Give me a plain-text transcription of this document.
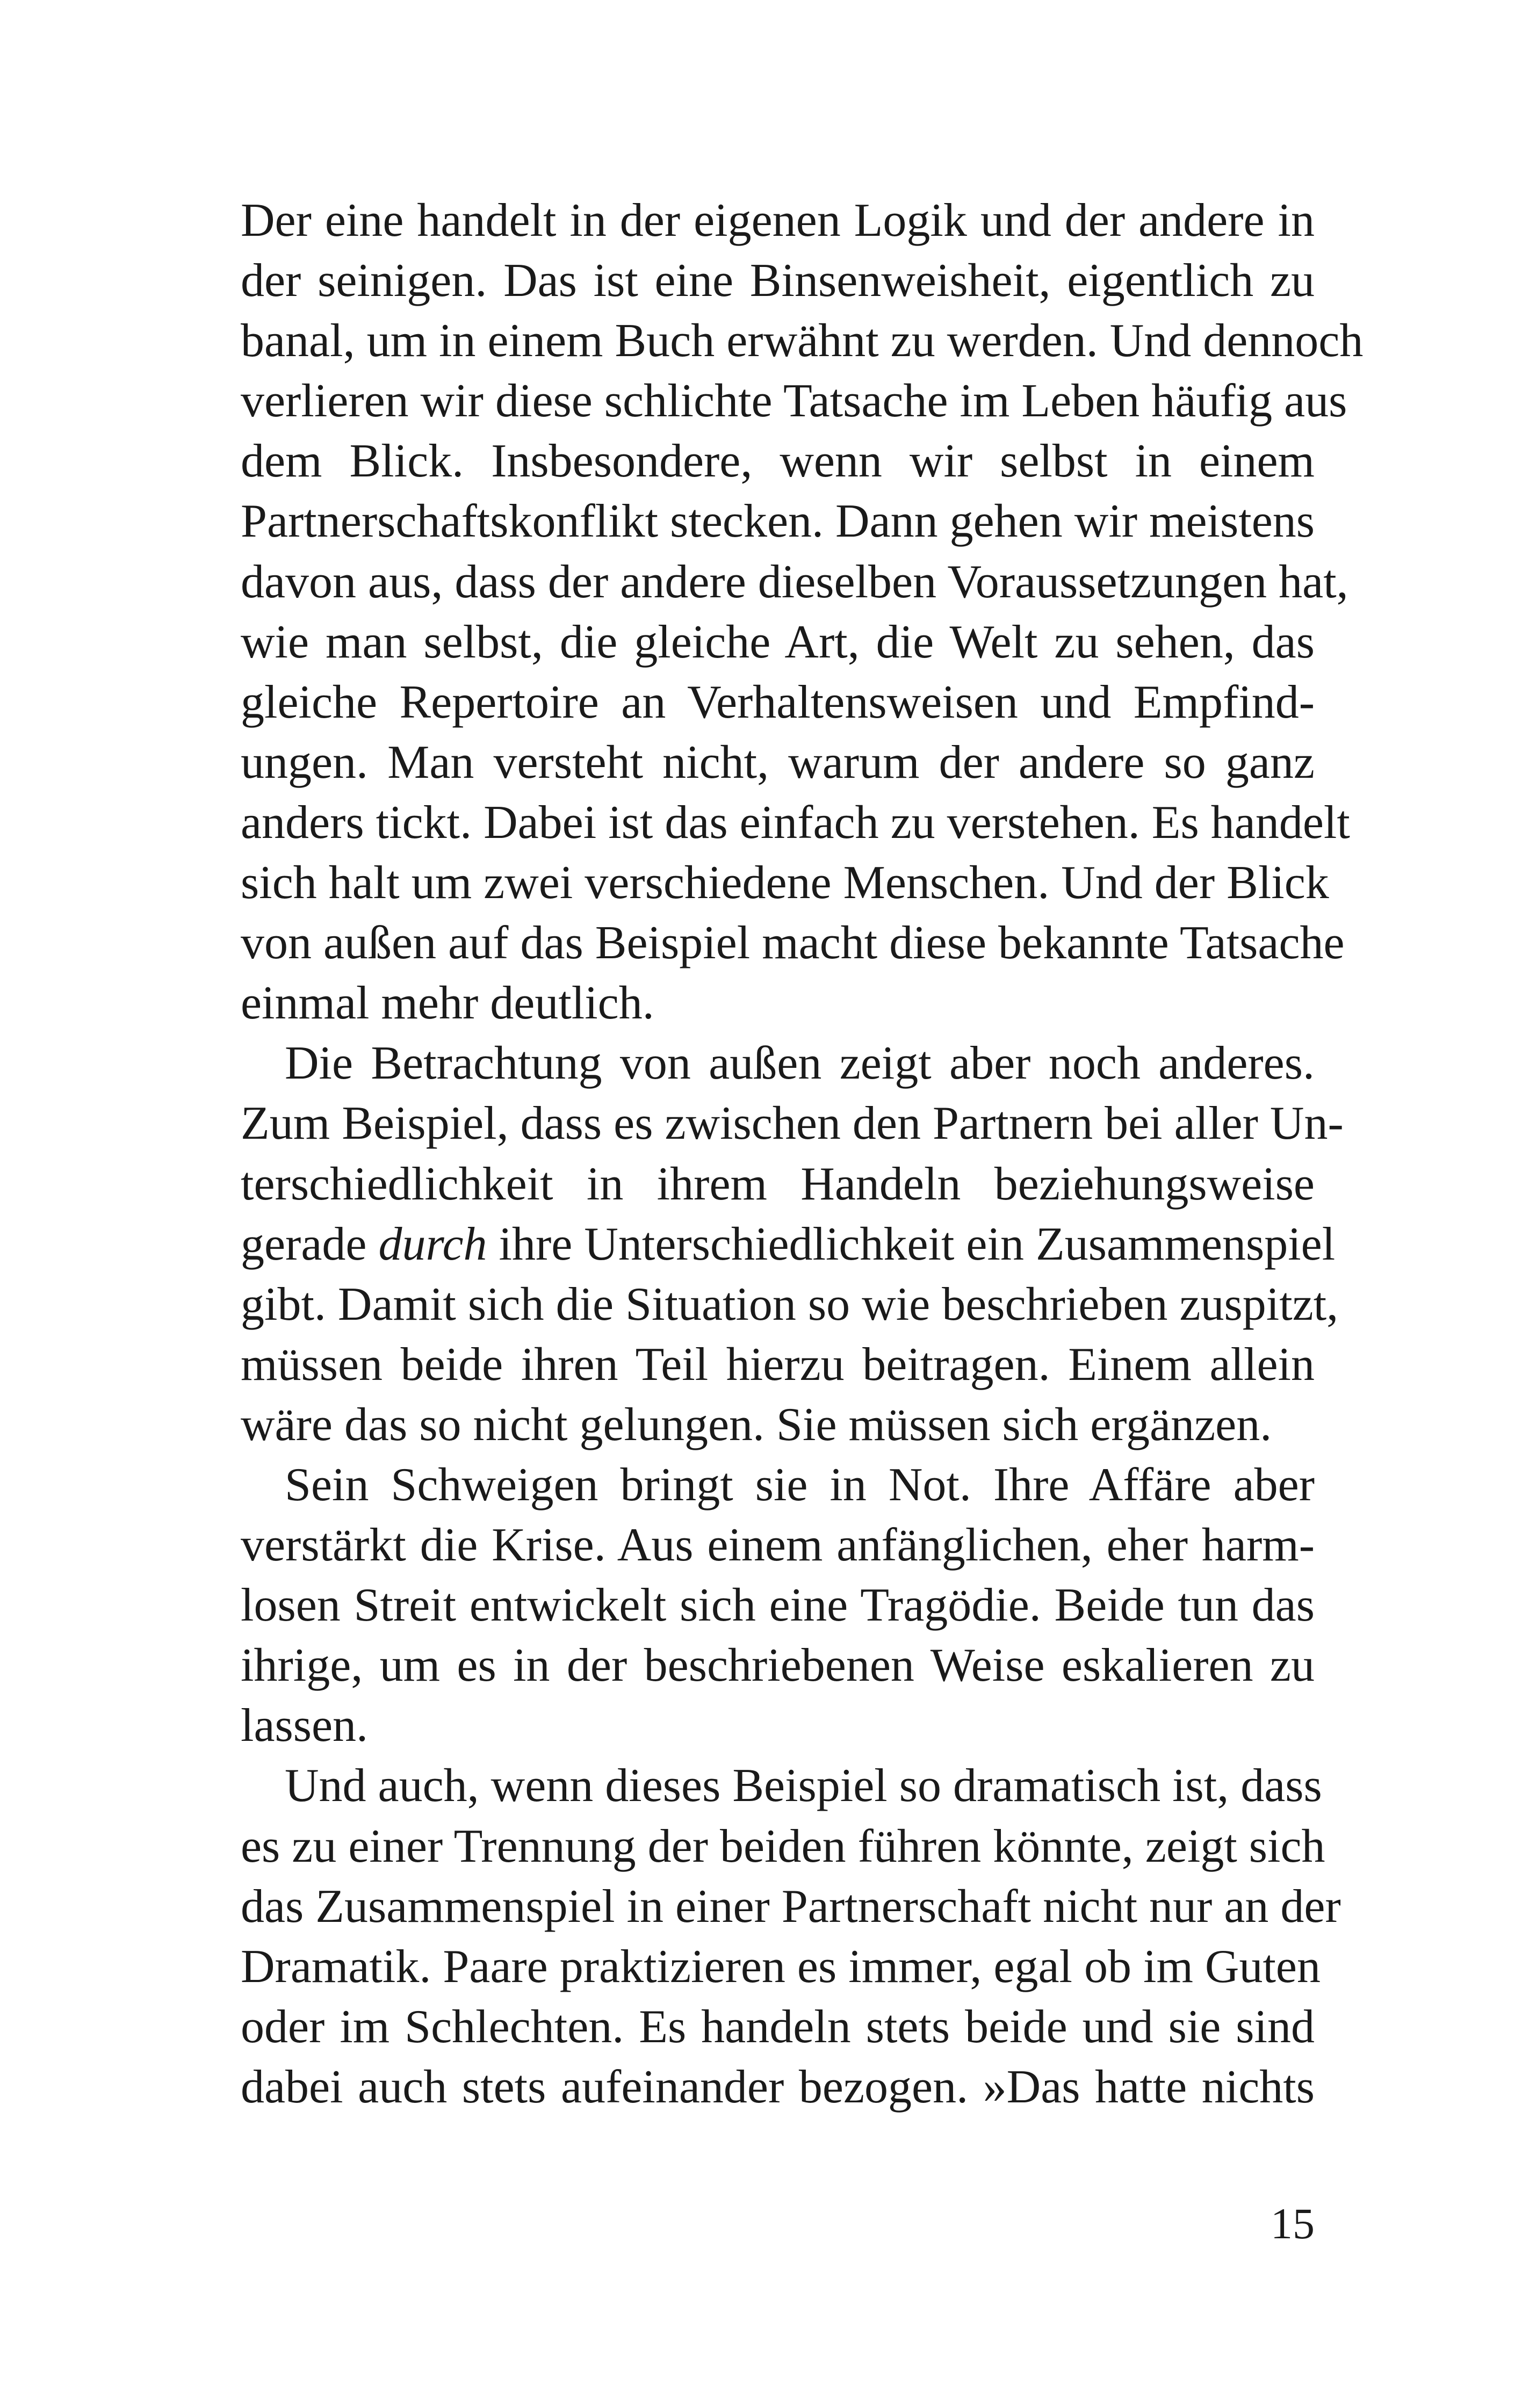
Der eine handelt in der eigenen Logik und der andere in
der seinigen. Das ist eine Binsenweisheit, eigentlich zu
banal, um in einem Buch erwähnt zu werden. Und dennoch
verlieren wir diese schlichte Tatsache im Leben häufig aus
dem Blick. Insbesondere, wenn wir selbst in einem
Partnerschaftskonflikt stecken. Dann gehen wir meistens
davon aus, dass der andere dieselben Voraussetzungen hat,
wie man selbst, die gleiche Art, die Welt zu sehen, das
gleiche Repertoire an Verhaltensweisen und Empfind-
ungen. Man versteht nicht, warum der andere so ganz
anders tickt. Dabei ist das einfach zu verstehen. Es handelt
sich halt um zwei verschiedene Menschen. Und der Blick
von außen auf das Beispiel macht diese bekannte Tatsache
einmal mehr deutlich.
Die Betrachtung von außen zeigt aber noch anderes.
Zum Beispiel, dass es zwischen den Partnern bei aller Un-
terschiedlichkeit in ihrem Handeln beziehungsweise
gerade durch ihre Unterschiedlichkeit ein Zusammenspiel
gibt. Damit sich die Situation so wie beschrieben zuspitzt,
müssen beide ihren Teil hierzu beitragen. Einem allein
wäre das so nicht gelungen. Sie müssen sich ergänzen.
Sein Schweigen bringt sie in Not. Ihre Affäre aber
verstärkt die Krise. Aus einem anfänglichen, eher harm-
losen Streit entwickelt sich eine Tragödie. Beide tun das
ihrige, um es in der beschriebenen Weise eskalieren zu
lassen.
Und auch, wenn dieses Beispiel so dramatisch ist, dass
es zu einer Trennung der beiden führen könnte, zeigt sich
das Zusammenspiel in einer Partnerschaft nicht nur an der
Dramatik. Paare praktizieren es immer, egal ob im Guten
oder im Schlechten. Es handeln stets beide und sie sind
dabei auch stets aufeinander bezogen. »Das hatte nichts
15
